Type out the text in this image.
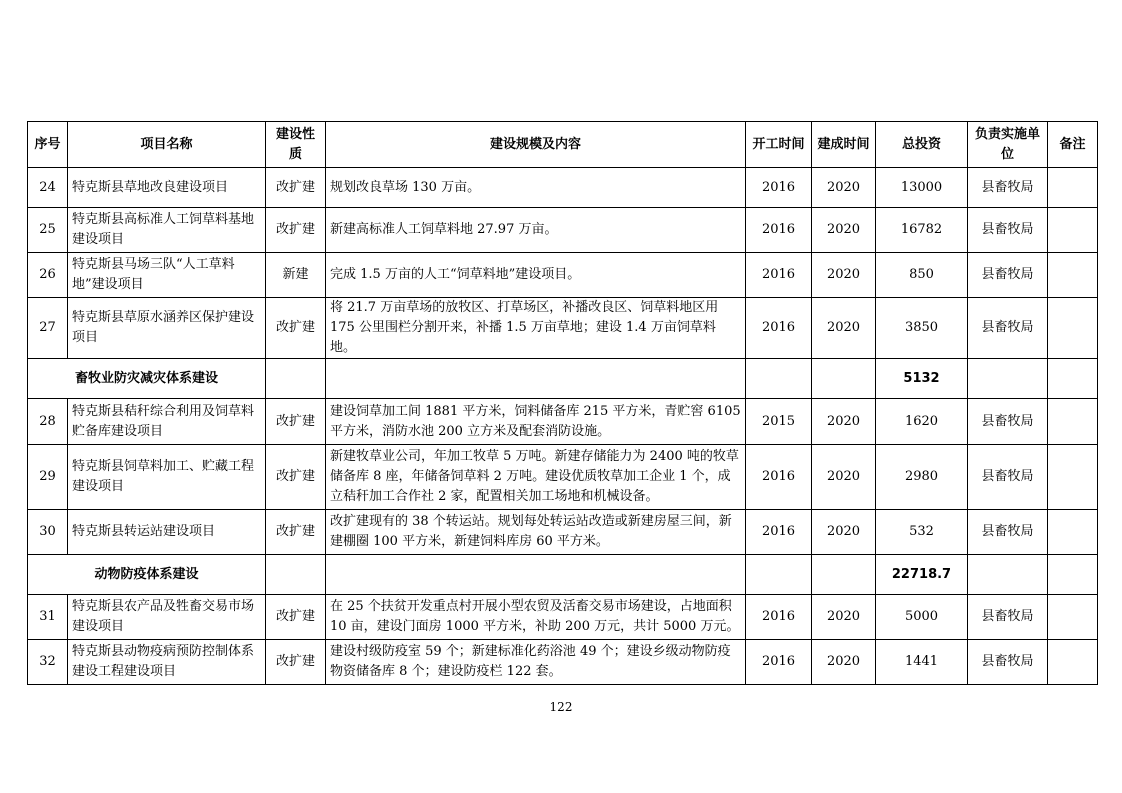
序号	项目名称	建设性质	建设规模及内容	开工时间	建成时间	总投资	负责实施单位	备注
24	特克斯县草地改良建设项目	改扩建	规划改良草场 130 万亩。	2016	2020	13000	县畜牧局	
25	特克斯县高标准人工饲草料基地建设项目	改扩建	新建高标准人工饲草料地 27.97 万亩。	2016	2020	16782	县畜牧局	
26	特克斯县马场三队“人工草料地”建设项目	新建	完成 1.5 万亩的人工“饲草料地”建设项目。	2016	2020	850	县畜牧局	
27	特克斯县草原水涵养区保护建设项目	改扩建	将 21.7 万亩草场的放牧区、打草场区，补播改良区、饲草料地区用 175 公里围栏分割开来，补播 1.5 万亩草地；建设 1.4 万亩饲草料地。	2016	2020	3850	县畜牧局	
畜牧业防灾减灾体系建设						5132		
28	特克斯县秸秆综合利用及饲草料贮备库建设项目	改扩建	建设饲草加工间 1881 平方米，饲料储备库 215 平方米，青贮窖 6105 平方米，消防水池 200 立方米及配套消防设施。	2015	2020	1620	县畜牧局	
29	特克斯县饲草料加工、贮藏工程建设项目	改扩建	新建牧草业公司，年加工牧草 5 万吨。新建存储能力为 2400 吨的牧草储备库 8 座，年储备饲草料 2 万吨。建设优质牧草加工企业 1 个，成立秸秆加工合作社 2 家，配置相关加工场地和机械设备。	2016	2020	2980	县畜牧局	
30	特克斯县转运站建设项目	改扩建	改扩建现有的 38 个转运站。规划每处转运站改造或新建房屋三间，新建棚圈 100 平方米，新建饲料库房 60 平方米。	2016	2020	532	县畜牧局	
动物防疫体系建设						22718.7		
31	特克斯县农产品及牲畜交易市场建设项目	改扩建	在 25 个扶贫开发重点村开展小型农贸及活畜交易市场建设，占地面积 10 亩，建设门面房 1000 平方米，补助 200 万元，共计 5000 万元。	2016	2020	5000	县畜牧局	
32	特克斯县动物疫病预防控制体系建设工程建设项目	改扩建	建设村级防疫室 59 个；新建标准化药浴池 49 个；建设乡级动物防疫物资储备库 8 个；建设防疫栏 122 套。	2016	2020	1441	县畜牧局	
122
